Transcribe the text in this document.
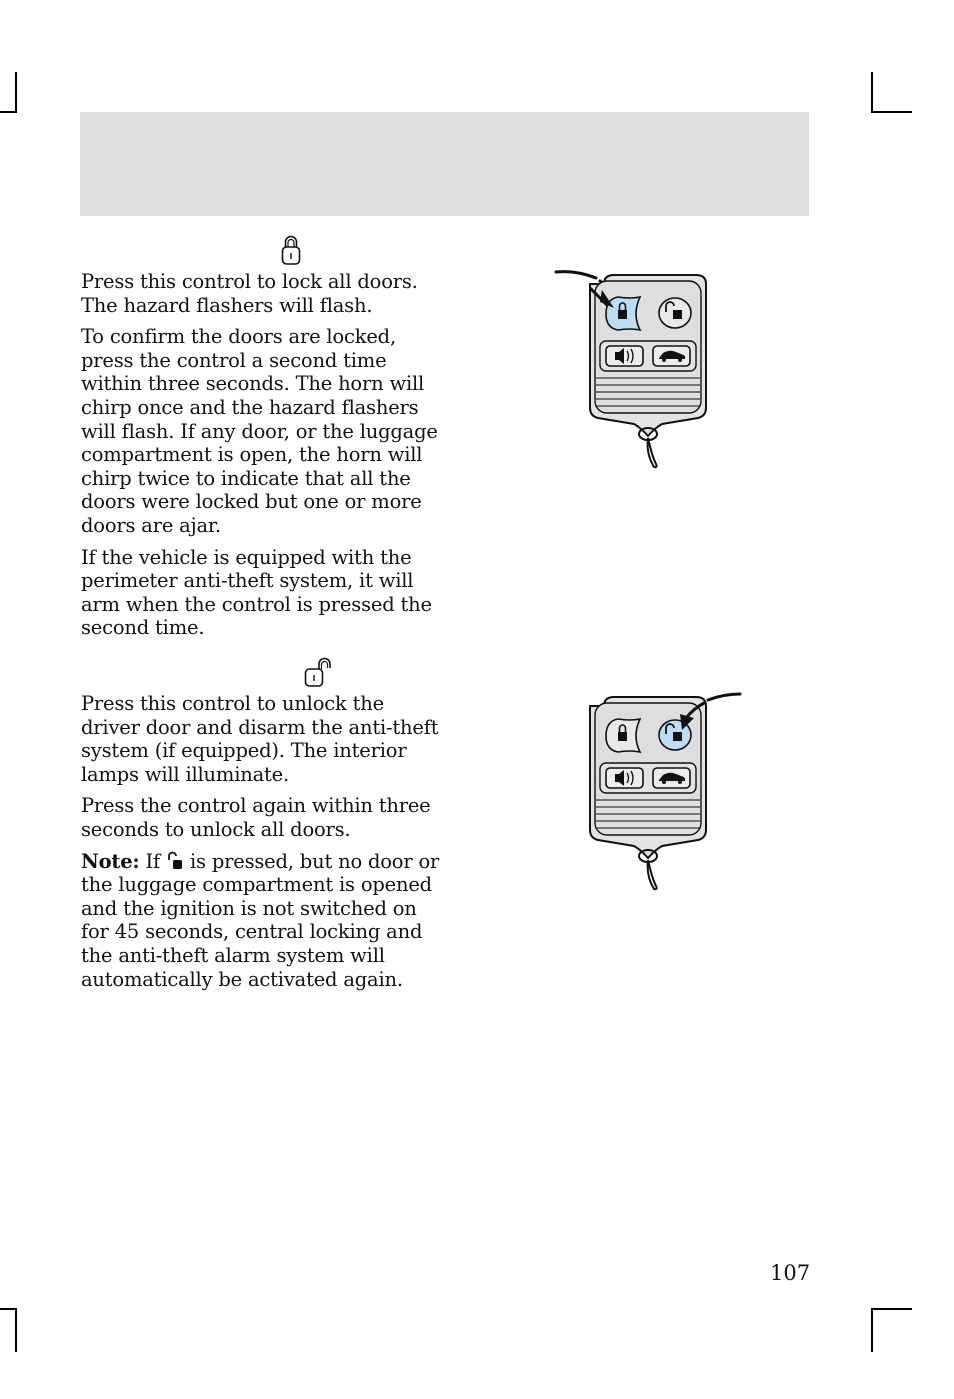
Press this control to lock all doors. The hazard flashers will flash.

To confirm the doors are locked, press the control a second time within three seconds. The horn will chirp once and the hazard flashers will flash. If any door, or the luggage compartment is open, the horn will chirp twice to indicate that all the doors were locked but one or more doors are ajar.

If the vehicle is equipped with the perimeter anti-theft system, it will arm when the control is pressed the second time.

Press this control to unlock the driver door and disarm the anti-theft system (if equipped). The interior lamps will illuminate.

Press the control again within three seconds to unlock all doors.

Note: If is pressed, but no door or the luggage compartment is opened and the ignition is not switched on for 45 seconds, central locking and the anti-theft alarm system will automatically be activated again.

107
